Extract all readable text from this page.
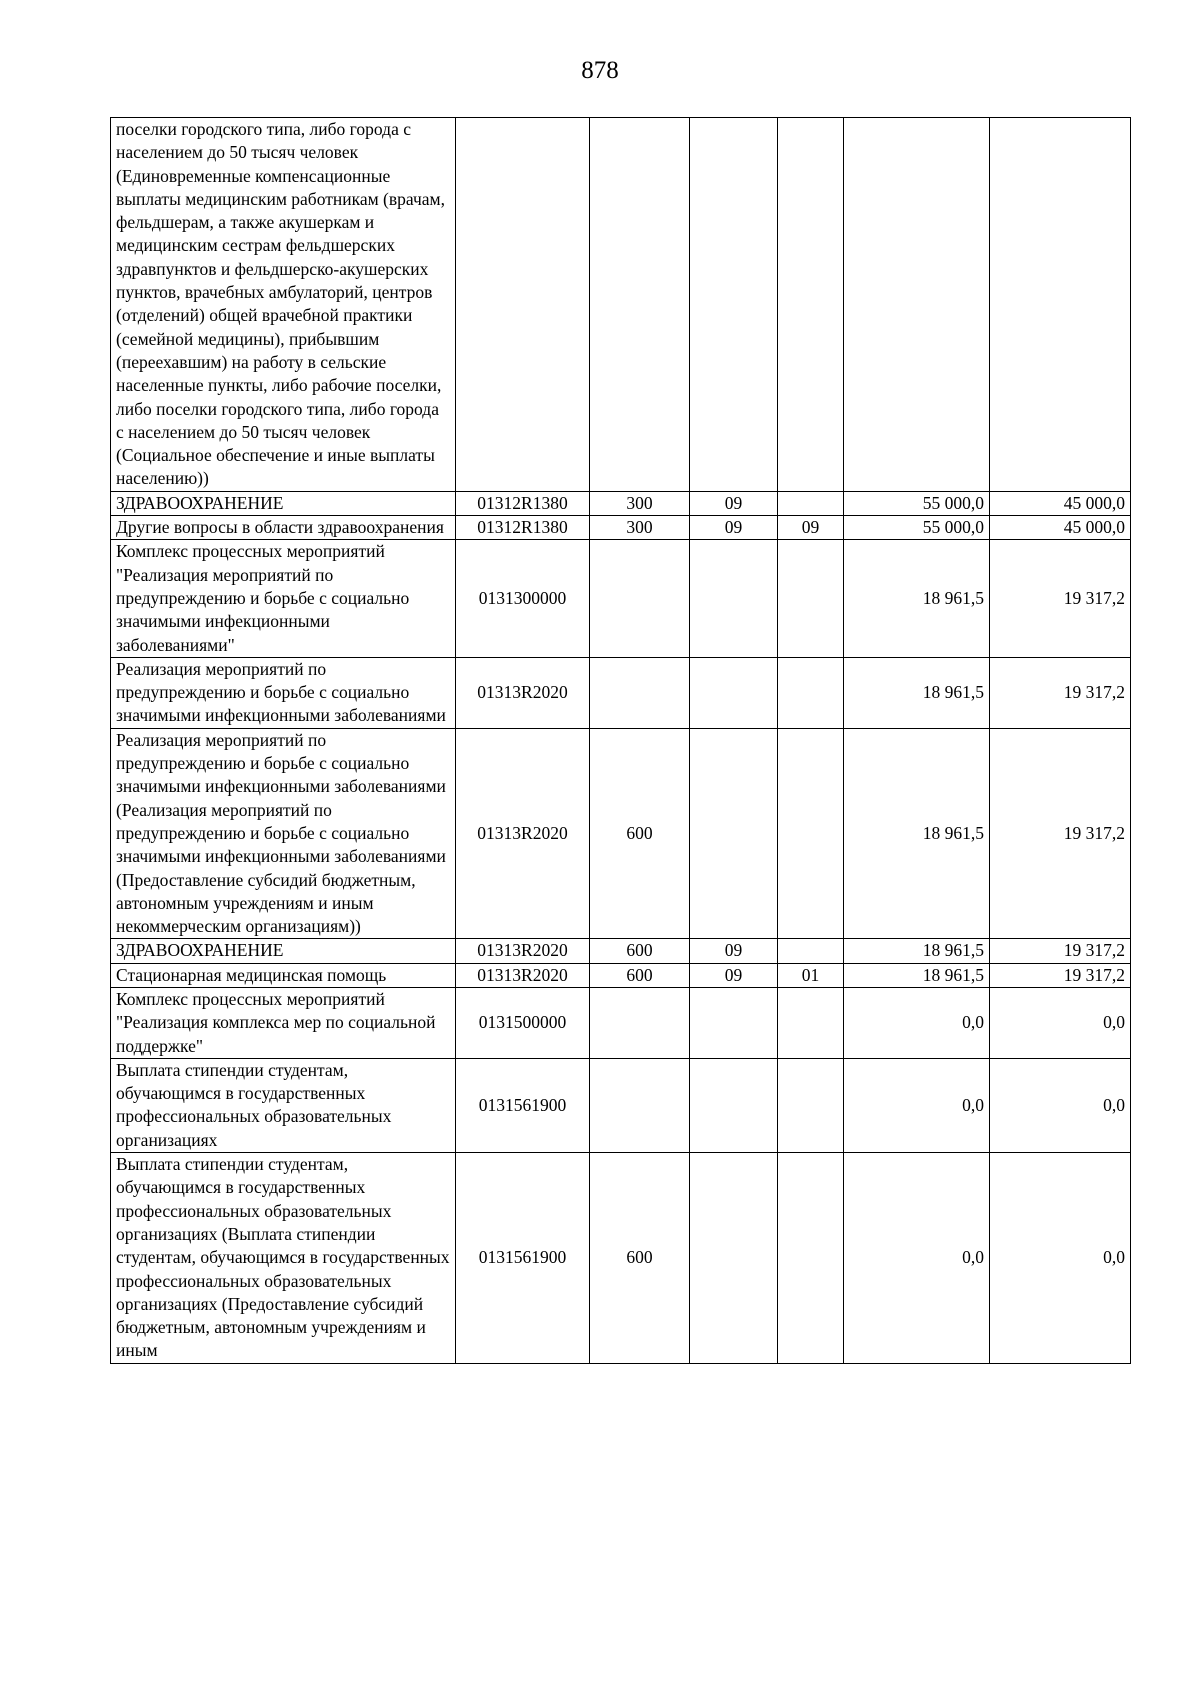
878
поселки городского типа, либо города с населением до 50 тысяч человек (Единовременные компенсационные выплаты медицинским работникам (врачам, фельдшерам, а также акушеркам и медицинским сестрам фельдшерских здравпунктов и фельдшерско-акушерских пунктов, врачебных амбулаторий, центров (отделений) общей врачебной практики (семейной медицины), прибывшим (переехавшим) на работу в сельские населенные пункты, либо рабочие поселки, либо поселки городского типа, либо города с населением до 50 тысяч человек (Социальное обеспечение и иные выплаты населению))						
ЗДРАВООХРАНЕНИЕ	01312R1380	300	09		55 000,0	45 000,0
Другие вопросы в области здравоохранения	01312R1380	300	09	09	55 000,0	45 000,0
Комплекс процессных мероприятий "Реализация мероприятий по предупреждению и борьбе с социально значимыми инфекционными заболеваниями"	0131300000				18 961,5	19 317,2
Реализация мероприятий по предупреждению и борьбе с социально значимыми инфекционными заболеваниями	01313R2020				18 961,5	19 317,2
Реализация мероприятий по предупреждению и борьбе с социально значимыми инфекционными заболеваниями (Реализация мероприятий по предупреждению и борьбе с социально значимыми инфекционными заболеваниями (Предоставление субсидий бюджетным, автономным учреждениям и иным некоммерческим организациям))	01313R2020	600			18 961,5	19 317,2
ЗДРАВООХРАНЕНИЕ	01313R2020	600	09		18 961,5	19 317,2
Стационарная медицинская помощь	01313R2020	600	09	01	18 961,5	19 317,2
Комплекс процессных мероприятий "Реализация комплекса мер по социальной поддержке"	0131500000				0,0	0,0
Выплата стипендии студентам, обучающимся в государственных профессиональных образовательных организациях	0131561900				0,0	0,0
Выплата стипендии студентам, обучающимся в государственных профессиональных образовательных организациях (Выплата стипендии студентам, обучающимся в государственных профессиональных образовательных организациях (Предоставление субсидий бюджетным, автономным учреждениям и иным	0131561900	600			0,0	0,0
